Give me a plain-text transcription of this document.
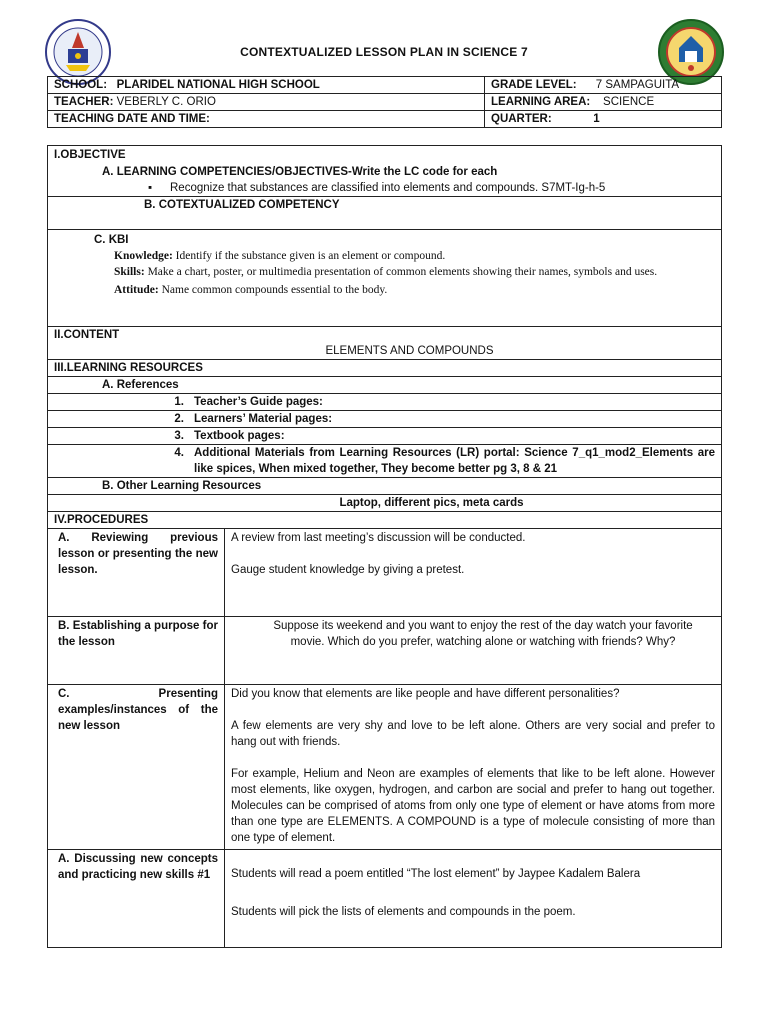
CONTEXTUALIZED LESSON PLAN IN SCIENCE 7
SCHOOL: PLARIDEL NATIONAL HIGH SCHOOL	GRADE LEVEL: 7 SAMPAGUITA
TEACHER: VEBERLY C. ORIO	LEARNING AREA: SCIENCE
TEACHING DATE AND TIME:	QUARTER: 1
I.OBJECTIVE
A. LEARNING COMPETENCIES/OBJECTIVES-Write the LC code for each
▪ Recognize that substances are classified into elements and compounds. S7MT-Ig-h-5	

B. COTEXTUALIZED COMPETENCY	

C. KBI

Knowledge: Identify if the substance given is an element or compound.

Skills: Make a chart, poster, or multimedia presentation of common elements showing their names, symbols and uses.

Attitude: Name common compounds essential to the body.	

II.CONTENT
ELEMENTS AND COMPOUNDS	

III.LEARNING RESOURCES	
A. References	
1. Teacher’s Guide pages:	
2. Learners’ Material pages:	
3. Textbook pages:	

4. Additional Materials from Learning Resources (LR) portal: Science 7_q1_mod2_Elements are like spices, When mixed together, They become better pg 3, 8 & 21	

B. Other Learning Resources	
Laptop, different pics, meta cards	
IV.PROCEDURES	
A. Reviewing previous lesson or presenting the new lesson.	A review from last meeting’s discussion will be conducted.

Gauge student knowledge by giving a pretest.

B. Establishing a purpose for the lesson	Suppose its weekend and you want to enjoy the rest of the day watch your favorite movie. Which do you prefer, watching alone or watching with friends? Why?

C. Presenting examples/instances of the new lesson	Did you know that elements are like people and have different personalities?

A few elements are very shy and love to be left alone. Others are very social and prefer to hang out with friends.

For example, Helium and Neon are examples of elements that like to be left alone. However most elements, like oxygen, hydrogen, and carbon are social and prefer to hang out together. Molecules can be comprised of atoms from only one type of element or have atoms from more than one type are ELEMENTS. A COMPOUND is a type of molecule consisting of more than one type of element.

A. Discussing new concepts and practicing new skills #1	Students will read a poem entitled “The lost element” by Jaypee Kadalem Balera

Students will pick the lists of elements and compounds in the poem.
